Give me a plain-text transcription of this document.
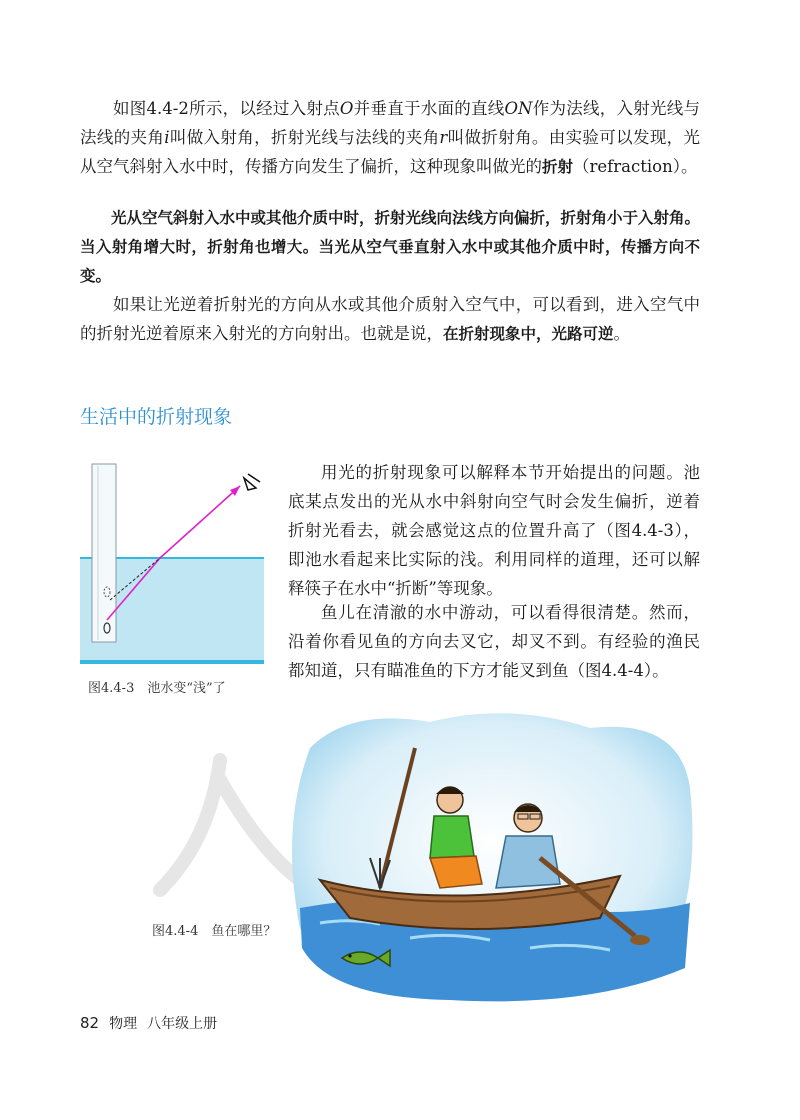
如图4.4-2所示，以经过入射点O并垂直于水面的直线ON作为法线，入射光线与法线的夹角i叫做入射角，折射光线与法线的夹角r叫做折射角。由实验可以发现，光从空气斜射入水中时，传播方向发生了偏折，这种现象叫做光的折射（refraction）。

光从空气斜射入水中或其他介质中时，折射光线向法线方向偏折，折射角小于入射角。当入射角增大时，折射角也增大。当光从空气垂直射入水中或其他介质中时，传播方向不变。

如果让光逆着折射光的方向从水或其他介质射入空气中，可以看到，进入空气中的折射光逆着原来入射光的方向射出。也就是说，在折射现象中，光路可逆。

生活中的折射现象
图4.4-3　池水变“浅”了

用光的折射现象可以解释本节开始提出的问题。池底某点发出的光从水中斜射向空气时会发生偏折，逆着折射光看去，就会感觉这点的位置升高了（图4.4-3），即池水看起来比实际的浅。利用同样的道理，还可以解释筷子在水中“折断”等现象。

鱼儿在清澈的水中游动，可以看得很清楚。然而，沿着你看见鱼的方向去叉它，却叉不到。有经验的渔民都知道，只有瞄准鱼的下方才能叉到鱼（图4.4-4）。

图4.4-4　鱼在哪里？
82 物理 八年级上册
